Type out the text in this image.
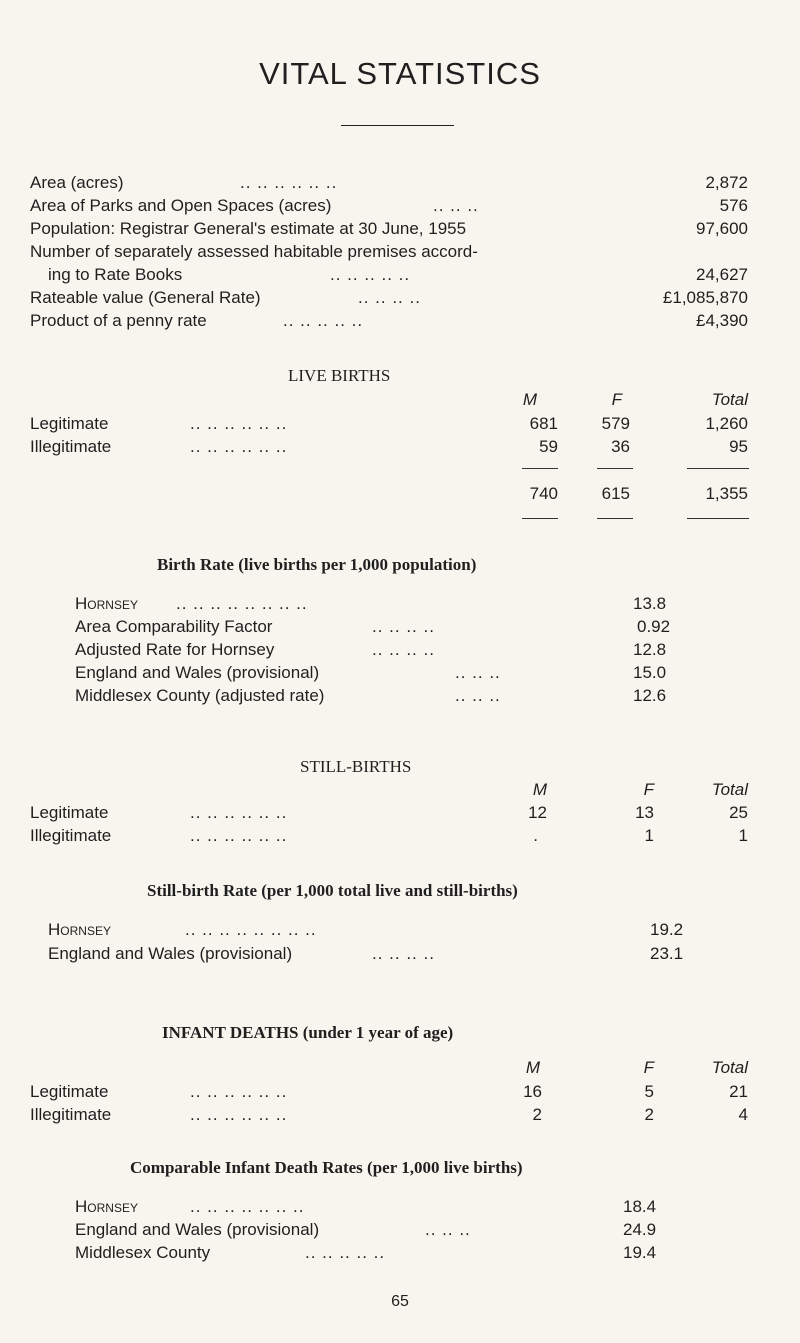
VITAL STATISTICS
Area (acres)	.. .. .. .. .. ..	2,872
Area of Parks and Open Spaces (acres)	.. .. ..	576
Population: Registrar General's estimate at 30 June, 1955	97,600
Number of separately assessed habitable premises accord-
ing to Rate Books	.. .. .. .. ..	24,627
Rateable value (General Rate)	.. .. .. ..	£1,085,870
Product of a penny rate	.. .. .. .. ..	£4,390
LIVE BIRTHS
M	F	Total
Legitimate	.. .. .. .. .. ..	681	579	1,260
Illegitimate	.. .. .. .. .. ..	59	36	95
740	615	1,355
Birth Rate (live births per 1,000 population)
Hornsey .. .. .. .. .. .. .. ..	13.8
Area Comparability Factor	.. .. .. ..	0.92
Adjusted Rate for Hornsey	.. .. .. ..	12.8
England and Wales (provisional)	.. .. ..	15.0
Middlesex County (adjusted rate)	.. .. ..	12.6
STILL-BIRTHS
M	F	Total
Legitimate	.. .. .. .. .. ..	12	13	25
Illegitimate	.. .. .. .. .. ..	.	1	1
Still-birth Rate (per 1,000 total live and still-births)
Hornsey	.. .. .. .. .. .. .. ..	19.2
England and Wales (provisional)	.. .. .. ..	23.1
INFANT DEATHS (under 1 year of age)
M	F	Total
Legitimate	.. .. .. .. .. ..	16	5	21
Illegitimate	.. .. .. .. .. ..	2	2	4
Comparable Infant Death Rates (per 1,000 live births)
Hornsey	.. .. .. .. .. .. ..	18.4
England and Wales (provisional)	.. .. ..	24.9
Middlesex County	.. .. .. .. ..	19.4
65
